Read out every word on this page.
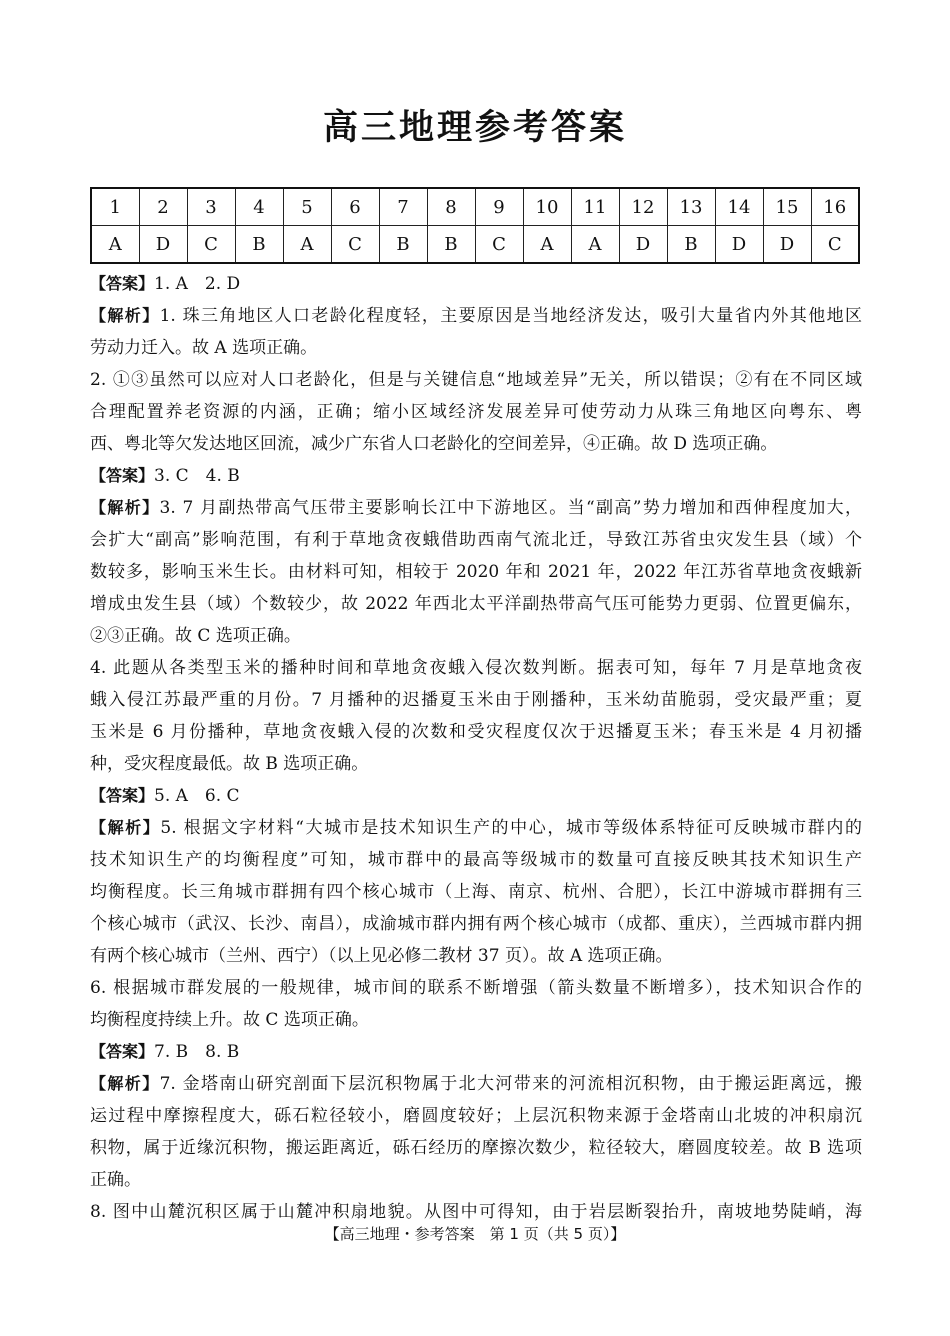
高三地理参考答案
1	2	3	4	5	6	7	8	9	10	11	12	13	14	15	16
A	D	C	B	A	C	B	B	C	A	A	D	B	D	D	C
【答案】1. A　2. D
【解析】1. 珠三角地区人口老龄化程度轻，主要原因是当地经济发达，吸引大量省内外其他地区
劳动力迁入。故 A 选项正确。
2. ①③虽然可以应对人口老龄化，但是与关键信息“地域差异”无关，所以错误；②有在不同区域
合理配置养老资源的内涵，正确；缩小区域经济发展差异可使劳动力从珠三角地区向粤东、粤
西、粤北等欠发达地区回流，减少广东省人口老龄化的空间差异，④正确。故 D 选项正确。
【答案】3. C　4. B
【解析】3. 7 月副热带高气压带主要影响长江中下游地区。当“副高”势力增加和西伸程度加大，
会扩大“副高”影响范围，有利于草地贪夜蛾借助西南气流北迁，导致江苏省虫灾发生县（域）个
数较多，影响玉米生长。由材料可知，相较于 2020 年和 2021 年，2022 年江苏省草地贪夜蛾新
增成虫发生县（域）个数较少，故 2022 年西北太平洋副热带高气压可能势力更弱、位置更偏东，
②③正确。故 C 选项正确。
4. 此题从各类型玉米的播种时间和草地贪夜蛾入侵次数判断。据表可知，每年 7 月是草地贪夜
蛾入侵江苏最严重的月份。7 月播种的迟播夏玉米由于刚播种，玉米幼苗脆弱，受灾最严重；夏
玉米是 6 月份播种，草地贪夜蛾入侵的次数和受灾程度仅次于迟播夏玉米；春玉米是 4 月初播
种，受灾程度最低。故 B 选项正确。
【答案】5. A　6. C
【解析】5. 根据文字材料“大城市是技术知识生产的中心，城市等级体系特征可反映城市群内的
技术知识生产的均衡程度”可知，城市群中的最高等级城市的数量可直接反映其技术知识生产
均衡程度。长三角城市群拥有四个核心城市（上海、南京、杭州、合肥），长江中游城市群拥有三
个核心城市（武汉、长沙、南昌），成渝城市群内拥有两个核心城市（成都、重庆），兰西城市群内拥
有两个核心城市（兰州、西宁）（以上见必修二教材 37 页）。故 A 选项正确。
6. 根据城市群发展的一般规律，城市间的联系不断增强（箭头数量不断增多），技术知识合作的
均衡程度持续上升。故 C 选项正确。
【答案】7. B　8. B
【解析】7. 金塔南山研究剖面下层沉积物属于北大河带来的河流相沉积物，由于搬运距离远，搬
运过程中摩擦程度大，砾石粒径较小，磨圆度较好；上层沉积物来源于金塔南山北坡的冲积扇沉
积物，属于近缘沉积物，搬运距离近，砾石经历的摩擦次数少，粒径较大，磨圆度较差。故 B 选项
正确。
8. 图中山麓沉积区属于山麓冲积扇地貌。从图中可得知，由于岩层断裂抬升，南坡地势陡峭，海
【高三地理・参考答案　第 1 页（共 5 页）】
